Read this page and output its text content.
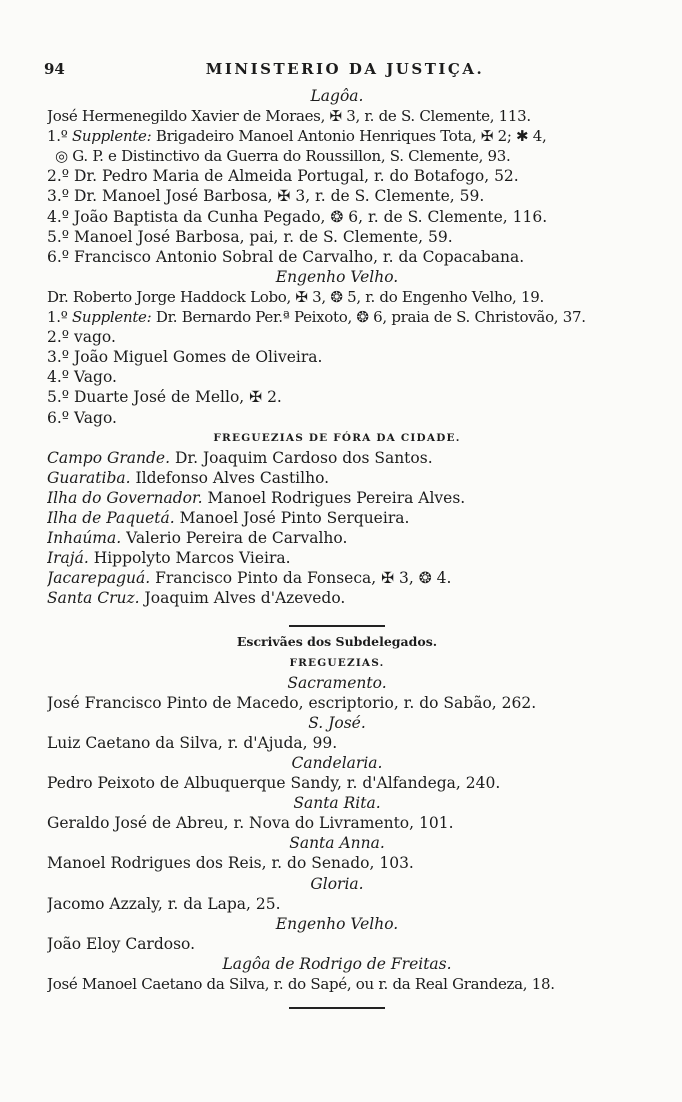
94	MINISTERIO DA JUSTIÇA.
Lagôa.
José Hermenegildo Xavier de Moraes, ✠ 3, r. de S. Clemente, 113.
1.º Supplente: Brigadeiro Manoel Antonio Henriques Tota, ✠ 2; ✱ 4,
◎ G. P. e Distinctivo da Guerra do Roussillon, S. Clemente, 93.
2.º Dr. Pedro Maria de Almeida Portugal, r. do Botafogo, 52.
3.º Dr. Manoel José Barbosa, ✠ 3, r. de S. Clemente, 59.
4.º João Baptista da Cunha Pegado, ❂ 6, r. de S. Clemente, 116.
5.º Manoel José Barbosa, pai, r. de S. Clemente, 59.
6.º Francisco Antonio Sobral de Carvalho, r. da Copacabana.
Engenho Velho.
Dr. Roberto Jorge Haddock Lobo, ✠ 3, ❂ 5, r. do Engenho Velho, 19.
1.º Supplente: Dr. Bernardo Per.ª Peixoto, ❂ 6, praia de S. Christovão, 37.
2.º vago.
3.º João Miguel Gomes de Oliveira.
4.º Vago.
5.º Duarte José de Mello, ✠ 2.
6.º Vago.
FREGUEZIAS DE FÓRA DA CIDADE.
Campo Grande. Dr. Joaquim Cardoso dos Santos.
Guaratiba. Ildefonso Alves Castilho.
Ilha do Governador. Manoel Rodrigues Pereira Alves.
Ilha de Paquetá. Manoel José Pinto Serqueira.
Inhaúma. Valerio Pereira de Carvalho.
Irajá. Hippolyto Marcos Vieira.
Jacarepaguá. Francisco Pinto da Fonseca, ✠ 3, ❂ 4.
Santa Cruz. Joaquim Alves d'Azevedo.
Escrivães dos Subdelegados.
FREGUEZIAS.
Sacramento.
José Francisco Pinto de Macedo, escriptorio, r. do Sabão, 262.
S. José.
Luiz Caetano da Silva, r. d'Ajuda, 99.
Candelaria.
Pedro Peixoto de Albuquerque Sandy, r. d'Alfandega, 240.
Santa Rita.
Geraldo José de Abreu, r. Nova do Livramento, 101.
Santa Anna.
Manoel Rodrigues dos Reis, r. do Senado, 103.
Gloria.
Jacomo Azzaly, r. da Lapa, 25.
Engenho Velho.
João Eloy Cardoso.
Lagôa de Rodrigo de Freitas.
José Manoel Caetano da Silva, r. do Sapé, ou r. da Real Grandeza, 18.
